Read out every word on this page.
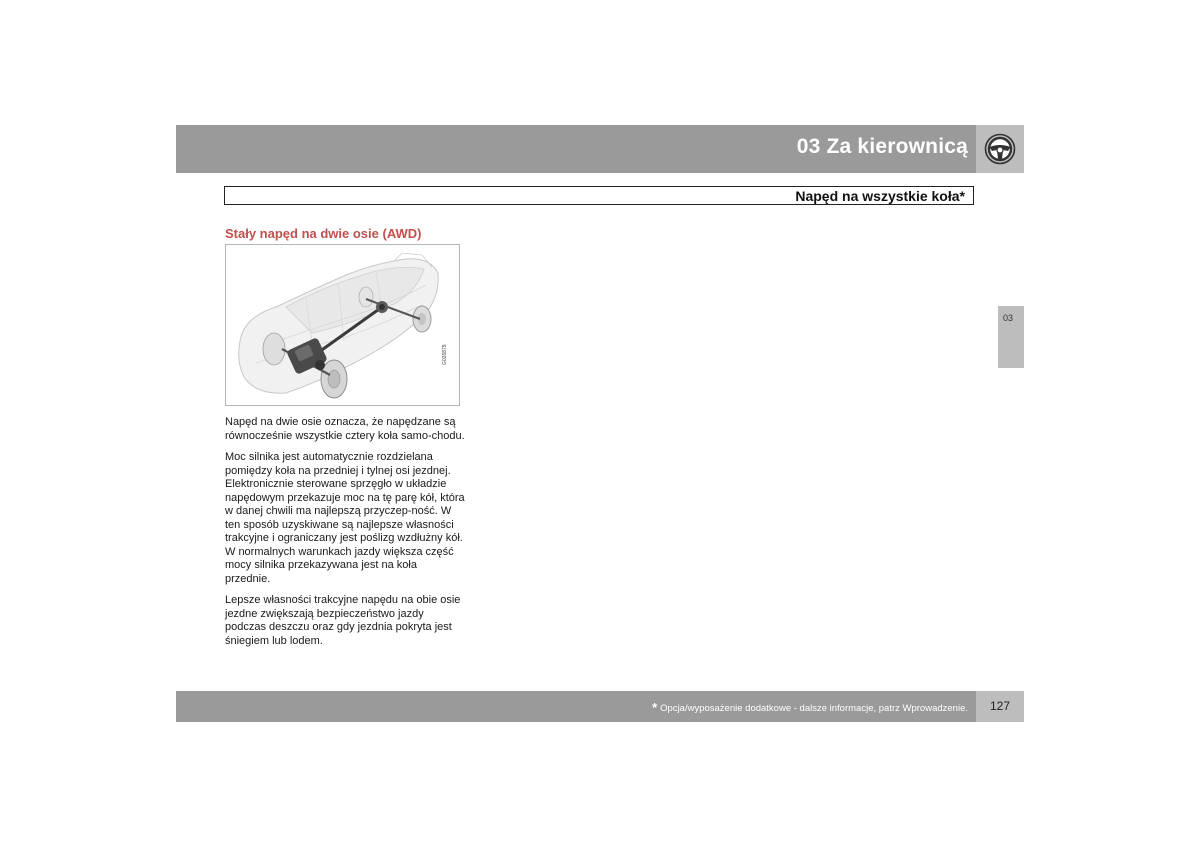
03 Za kierownicą
Napęd na wszystkie koła*
Stały napęd na dwie osie (AWD)
G026879

Napęd na dwie osie oznacza, że napędzane są równocześnie wszystkie cztery koła samo-chodu.

Moc silnika jest automatycznie rozdzielana pomiędzy koła na przedniej i tylnej osi jezdnej. Elektronicznie sterowane sprzęgło w układzie napędowym przekazuje moc na tę parę kół, która w danej chwili ma najlepszą przyczep-ność. W ten sposób uzyskiwane są najlepsze własności trakcyjne i ograniczany jest poślizg wzdłużny kół. W normalnych warunkach jazdy większa część mocy silnika przekazywana jest na koła przednie.

Lepsze własności trakcyjne napędu na obie osie jezdne zwiększają bezpieczeństwo jazdy podczas deszczu oraz gdy jezdnia pokryta jest śniegiem lub lodem.

03
* Opcja/wyposażenie dodatkowe - dalsze informacje, patrz Wprowadzenie.	127
